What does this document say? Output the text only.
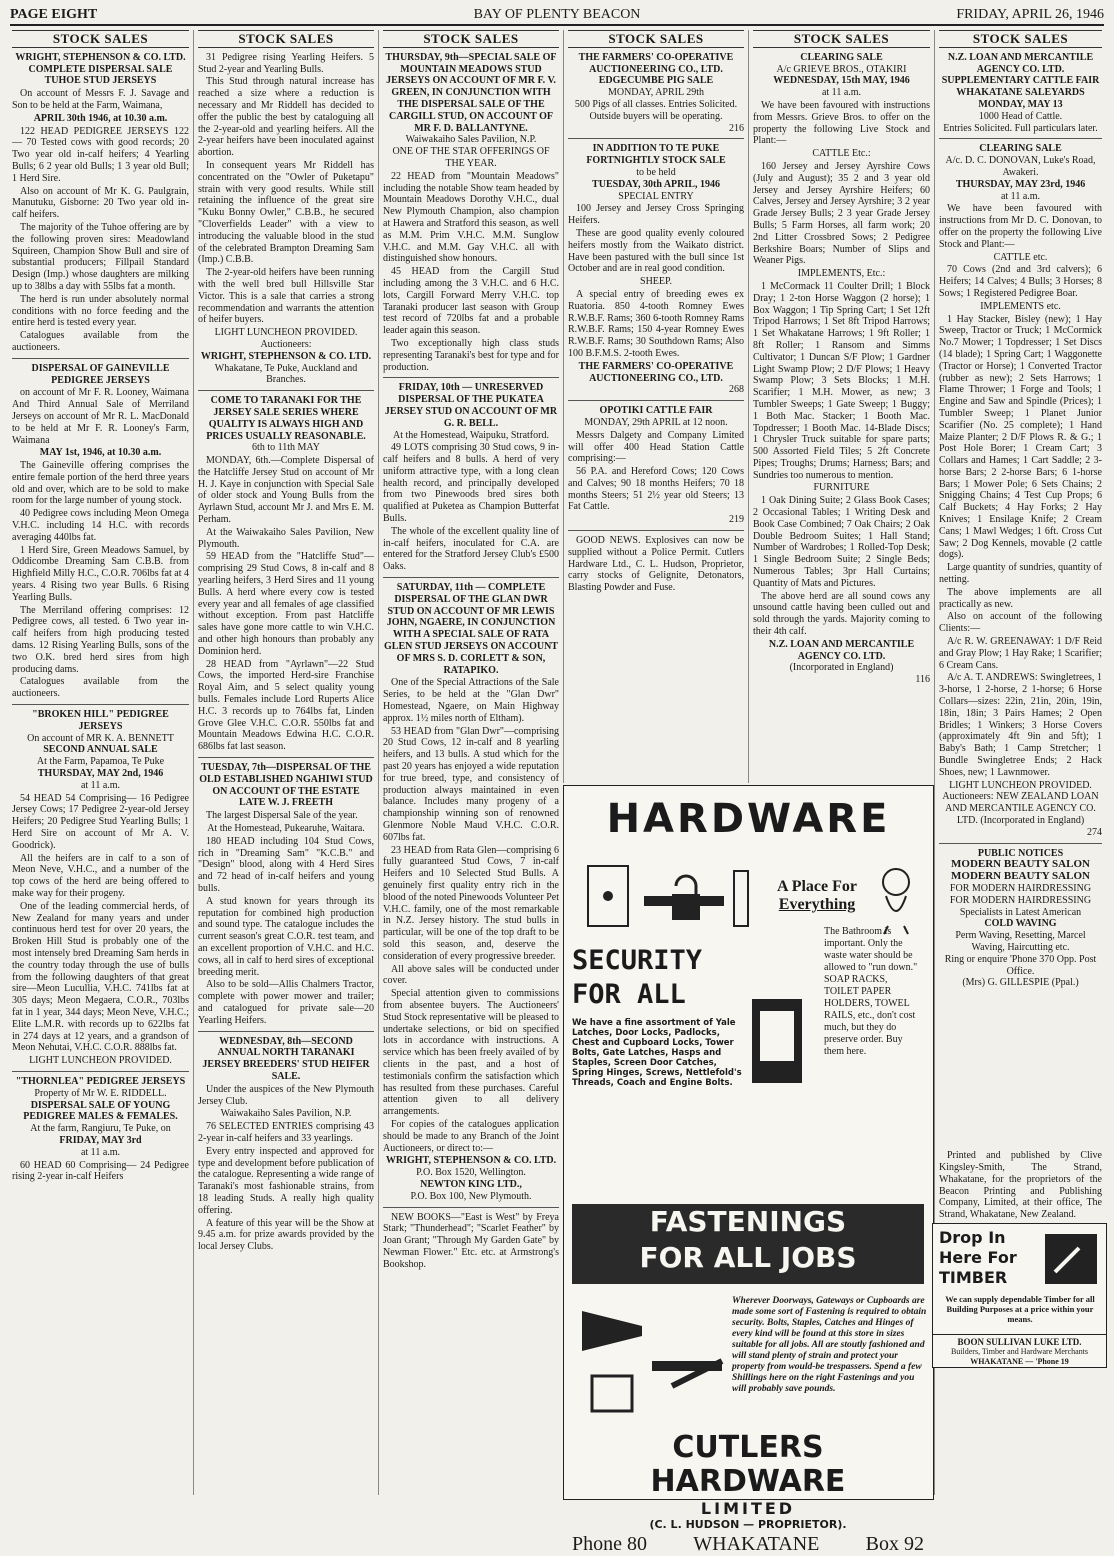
PAGE EIGHT	BAY OF PLENTY BEACON	FRIDAY, APRIL 26, 1946
STOCK SALES
WRIGHT, STEPHENSON & CO. LTD.
COMPLETE DISPERSAL SALE
TUHOE STUD JERSEYS

On account of Messrs F. J. Savage and Son to be held at the Farm, Waimana,

APRIL 30th 1946, at 10.30 a.m.

122 HEAD PEDIGREE JERSEYS 122 — 70 Tested cows with good records; 20 Two year old in-calf heifers; 4 Yearling Bulls; 6 2 year old Bulls; 1 3 year old Bull; 1 Herd Sire.

Also on account of Mr K. G. Paulgrain, Manutuku, Gisborne: 20 Two year old in-calf heifers.

The majority of the Tuhoe offering are by the following proven sires: Meadowland Squireen, Champion Show Bull and sire of substantial producers; Fillpail Standard Design (Imp.) whose daughters are milking up to 38lbs a day with 55lbs fat a month.

The herd is run under absolutely normal conditions with no force feeding and the entire herd is tested every year.

Catalogues available from the auctioneers.

DISPERSAL OF GAINEVILLE PEDIGREE JERSEYS

on account of Mr F. R. Looney, Waimana And Third Annual Sale of Merriland Jerseys on account of Mr R. L. MacDonald to be held at Mr F. R. Looney's Farm, Waimana

MAY 1st, 1946, at 10.30 a.m.

The Gaineville offering comprises the entire female portion of the herd three years old and over, which are to be sold to make room for the large number of young stock.

40 Pedigree cows including Meon Omega V.H.C. including 14 H.C. with records averaging 440lbs fat.

1 Herd Sire, Green Meadows Samuel, by Oddicombe Dreaming Sam C.B.B. from Highfield Milly H.C., C.O.R. 706lbs fat at 4 years. 4 Rising two year Bulls. 6 Rising Yearling Bulls.

The Merriland offering comprises: 12 Pedigree cows, all tested. 6 Two year in-calf heifers from high producing tested dams. 12 Rising Yearling Bulls, sons of the two O.K. bred herd sires from high producing dams.

Catalogues available from the auctioneers.

"BROKEN HILL" PEDIGREE JERSEYS
On account of MR K. A. BENNETT
SECOND ANNUAL SALE
At the Farm, Papamoa, Te Puke
THURSDAY, MAY 2nd, 1946
at 11 a.m.

54 HEAD 54 Comprising— 16 Pedigree Jersey Cows; 17 Pedigree 2-year-old Jersey Heifers; 20 Pedigree Stud Yearling Bulls; 1 Herd Sire on account of Mr A. V. Goodrick).

All the heifers are in calf to a son of Meon Neve, V.H.C., and a number of the top cows of the herd are being offered to make way for their progeny.

One of the leading commercial herds, of New Zealand for many years and under continuous herd test for over 20 years, the Broken Hill Stud is probably one of the most intensely bred Dreaming Sam herds in the country today through the use of bulls from the following daughters of that great sire—Meon Lucullia, V.H.C. 741lbs fat at 305 days; Meon Megaera, C.O.R., 703lbs fat in 1 year, 344 days; Meon Neve, V.H.C.; Elite L.M.R. with records up to 622lbs fat in 274 days at 12 years, and a grandson of Meon Nehutai, V.H.C. C.O.R. 888lbs fat.

LIGHT LUNCHEON PROVIDED.
"THORNLEA" PEDIGREE JERSEYS
Property of Mr W. E. RIDDELL.
DISPERSAL SALE OF YOUNG PEDIGREE MALES & FEMALES.
At the farm, Rangiuru, Te Puke, on
FRIDAY, MAY 3rd
at 11 a.m.

60 HEAD 60 Comprising— 24 Pedigree rising 2-year in-calf Heifers

STOCK SALES

31 Pedigree rising Yearling Heifers. 5 Stud 2-year and Yearling Bulls.

This Stud through natural increase has reached a size where a reduction is necessary and Mr Riddell has decided to offer the public the best by cataloguing all the 2-year-old and yearling heifers. All the 2-year heifers have been inoculated against abortion.

In consequent years Mr Riddell has concentrated on the "Owler of Puketapu" strain with very good results. While still retaining the influence of the great sire "Kuku Bonny Owler," C.B.B., he secured "Cloverfields Leader" with a view to introducing the valuable blood in the stud of the celebrated Brampton Dreaming Sam (Imp.) C.B.B.

The 2-year-old heifers have been running with the well bred bull Hillsville Star Victor. This is a sale that carries a strong recommendation and warrants the attention of heifer buyers.

LIGHT LUNCHEON PROVIDED.
Auctioneers:
WRIGHT, STEPHENSON & CO. LTD.
Whakatane, Te Puke, Auckland and Branches.
COME TO TARANAKI FOR THE JERSEY SALE SERIES WHERE QUALITY IS ALWAYS HIGH AND PRICES USUALLY REASONABLE.
6th to 11th MAY

MONDAY, 6th.—Complete Dispersal of the Hatcliffe Jersey Stud on account of Mr H. J. Kaye in conjunction with Special Sale of older stock and Young Bulls from the Ayrlawn Stud, account Mr J. and Mrs E. M. Perham.

At the Waiwakaiho Sales Pavilion, New Plymouth.

59 HEAD from the "Hatcliffe Stud"—comprising 29 Stud Cows, 8 in-calf and 8 yearling heifers, 3 Herd Sires and 11 young Bulls. A herd where every cow is tested every year and all females of age classified without exception. From past Hatcliffe sales have gone more cattle to win V.H.C. and other high honours than probably any Dominion herd.

28 HEAD from "Ayrlawn"—22 Stud Cows, the imported Herd-sire Franchise Royal Aim, and 5 select quality young bulls. Females include Lord Ruperts Alice H.C. 3 records up to 764lbs fat, Linden Grove Glee V.H.C. C.O.R. 550lbs fat and Mountain Meadows Edwina H.C. C.O.R. 686lbs fat last season.

TUESDAY, 7th—DISPERSAL OF THE OLD ESTABLISHED NGAHIWI STUD ON ACCOUNT OF THE ESTATE LATE W. J. FREETH

The largest Dispersal Sale of the year.

At the Homestead, Pukearuhe, Waitara.

180 HEAD including 104 Stud Cows, rich in "Dreaming Sam" "K.C.B." and "Design" blood, along with 4 Herd Sires and 72 head of in-calf heifers and young bulls.

A stud known for years through its reputation for combined high production and sound type. The catalogue includes the current season's great C.O.R. test team, and an excellent proportion of V.H.C. and H.C. cows, all in calf to herd sires of exceptional breeding merit.

Also to be sold—Allis Chalmers Tractor, complete with power mower and trailer; and catalogued for private sale—20 Yearling Heifers.

WEDNESDAY, 8th—SECOND ANNUAL NORTH TARANAKI JERSEY BREEDERS' STUD HEIFER SALE.

Under the auspices of the New Plymouth Jersey Club.

Waiwakaiho Sales Pavilion, N.P.

76 SELECTED ENTRIES comprising 43 2-year in-calf heifers and 33 yearlings.

Every entry inspected and approved for type and development before publication of the catalogue. Representing a wide range of Taranaki's most fashionable strains, from 18 leading Studs. A really high quality offering.

A feature of this year will be the Show at 9.45 a.m. for prize awards provided by the local Jersey Clubs.

STOCK SALES
THURSDAY, 9th—SPECIAL SALE OF MOUNTAIN MEADOWS STUD JERSEYS ON ACCOUNT OF MR F. V. GREEN, IN CONJUNCTION WITH THE DISPERSAL SALE OF THE CARGILL STUD, ON ACCOUNT OF MR F. D. BALLANTYNE.
Waiwakaiho Sales Pavilion, N.P.
ONE OF THE STAR OFFERINGS OF THE YEAR.

22 HEAD from "Mountain Meadows" including the notable Show team headed by Mountain Meadows Dorothy V.H.C., dual New Plymouth Champion, also champion at Hawera and Stratford this season, as well as M.M. Prim V.H.C. M.M. Sunglow V.H.C. and M.M. Gay V.H.C. all with distinguished show honours.

45 HEAD from the Cargill Stud including among the 3 V.H.C. and 6 H.C. lots, Cargill Forward Merry V.H.C. top Taranaki producer last season with Group test record of 720lbs fat and a probable leader again this season.

Two exceptionally high class studs representing Taranaki's best for type and for production.

FRIDAY, 10th — UNRESERVED DISPERSAL OF THE PUKATEA JERSEY STUD ON ACCOUNT OF MR G. R. BELL.
At the Homestead, Waipuku, Stratford.

49 LOTS comprising 30 Stud cows, 9 in-calf heifers and 8 bulls. A herd of very uniform attractive type, with a long clean health record, and principally developed from two Pinewoods bred sires both qualified at Puketea as Champion Butterfat Bulls.

The whole of the excellent quality line of in-calf heifers, inoculated for C.A. are entered for the Stratford Jersey Club's £500 Oaks.

SATURDAY, 11th — COMPLETE DISPERSAL OF THE GLAN DWR STUD ON ACCOUNT OF MR LEWIS JOHN, NGAERE, IN CONJUNCTION WITH A SPECIAL SALE OF RATA GLEN STUD JERSEYS ON ACCOUNT OF MRS S. D. CORLETT & SON, RATAPIKO.

One of the Special Attractions of the Sale Series, to be held at the "Glan Dwr" Homestead, Ngaere, on Main Highway approx. 1½ miles north of Eltham).

53 HEAD from "Glan Dwr"—comprising 20 Stud Cows, 12 in-calf and 8 yearling heifers, and 13 bulls. A stud which for the past 20 years has enjoyed a wide reputation for true breed, type, and consistency of production always maintained in even balance. Includes many progeny of a championship winning son of renowned Glenmore Noble Maud V.H.C. C.O.R. 607lbs fat.

23 HEAD from Rata Glen—comprising 6 fully guaranteed Stud Cows, 7 in-calf Heifers and 10 Selected Stud Bulls. A genuinely first quality entry rich in the blood of the noted Pinewoods Volunteer Pet V.H.C. family, one of the most remarkable in N.Z. Jersey history. The stud bulls in particular, will be one of the top draft to be sold this season, and, deserve the consideration of every progressive breeder.

All above sales will be conducted under cover.

Special attention given to commissions from absentee buyers. The Auctioneers' Stud Stock representative will be pleased to undertake selections, or bid on specified lots in accordance with instructions. A service which has been freely availed of by clients in the past, and a host of testimonials confirm the satisfaction which has resulted from these purchases. Careful attention given to all delivery arrangements.

For copies of the catalogues application should be made to any Branch of the Joint Auctioneers, or direct to:—

WRIGHT, STEPHENSON & CO. LTD.
P.O. Box 1520, Wellington.
NEWTON KING LTD.,
P.O. Box 100, New Plymouth.

NEW BOOKS—"East is West" by Freya Stark; "Thunderhead"; "Scarlet Feather" by Joan Grant; "Through My Garden Gate" by Newman Flower." Etc. etc. at Armstrong's Bookshop.

STOCK SALES
THE FARMERS' CO-OPERATIVE AUCTIONEERING CO., LTD.
EDGECUMBE PIG SALE
MONDAY, APRIL 29th
500 Pigs of all classes. Entries Solicited. Outside buyers will be operating.
216
IN ADDITION TO TE PUKE FORTNIGHTLY STOCK SALE
to be held
TUESDAY, 30th APRIL, 1946
SPECIAL ENTRY

100 Jersey and Jersey Cross Springing Heifers.

These are good quality evenly coloured heifers mostly from the Waikato district. Have been pastured with the bull since 1st October and are in real good condition.

SHEEP.

A special entry of breeding ewes ex Ruatoria. 850 4-tooth Romney Ewes R.W.B.F. Rams; 360 6-tooth Romney Rams R.W.B.F. Rams; 150 4-year Romney Ewes R.W.B.F. Rams; 30 Southdown Rams; Also 100 B.F.M.S. 2-tooth Ewes.

THE FARMERS' CO-OPERATIVE AUCTIONEERING CO., LTD.
268
OPOTIKI CATTLE FAIR
MONDAY, 29th APRIL at 12 noon.

Messrs Dalgety and Company Limited will offer 400 Head Station Cattle comprising:—

56 P.A. and Hereford Cows; 120 Cows and Calves; 90 18 months Heifers; 70 18 months Steers; 51 2½ year old Steers; 13 Fat Cattle.

219

GOOD NEWS. Explosives can now be supplied without a Police Permit. Cutlers Hardware Ltd., C. L. Hudson, Proprietor, carry stocks of Gelignite, Detonators, Blasting Powder and Fuse.

STOCK SALES
CLEARING SALE
A/c GRIEVE BROS., OTAKIRI
WEDNESDAY, 15th MAY, 1946
at 11 a.m.

We have been favoured with instructions from Messrs. Grieve Bros. to offer on the property the following Live Stock and Plant:—

CATTLE Etc.:

160 Jersey and Jersey Ayrshire Cows (July and August); 35 2 and 3 year old Jersey and Jersey Ayrshire Heifers; 60 Calves, Jersey and Jersey Ayrshire; 3 2 year Grade Jersey Bulls; 2 3 year Grade Jersey Bulls; 5 Farm Horses, all farm work; 20 2nd Litter Crossbred Sows; 2 Pedigree Berkshire Boars; Number of Slips and Weaner Pigs.

IMPLEMENTS, Etc.:

1 McCormack 11 Coulter Drill; 1 Block Dray; 1 2-ton Horse Waggon (2 horse); 1 Box Waggon; 1 Tip Spring Cart; 1 Set 12ft Tripod Harrows; 1 Set 8ft Tripod Harrows; 1 Set Whakatane Harrows; 1 9ft Roller; 1 8ft Roller; 1 Ransom and Simms Cultivator; 1 Duncan S/F Plow; 1 Gardner Light Swamp Plow; 2 D/F Plows; 1 Heavy Swamp Plow; 3 Sets Blocks; 1 M.H. Scarifier; 1 M.H. Mower, as new; 3 Tumbler Sweeps; 1 Gate Sweep; 1 Buggy; 1 Both Mac. Stacker; 1 Booth Mac. Topdresser; 1 Booth Mac. 14-Blade Discs; 1 Chrysler Truck suitable for spare parts; 500 Assorted Field Tiles; 5 2ft Concrete Pipes; Troughs; Drums; Harness; Bars; and Sundries too numerous to mention.

FURNITURE

1 Oak Dining Suite; 2 Glass Book Cases; 2 Occasional Tables; 1 Writing Desk and Book Case Combined; 7 Oak Chairs; 2 Oak Double Bedroom Suites; 1 Hall Stand; Number of Wardrobes; 1 Rolled-Top Desk; 1 Single Bedroom Suite; 2 Single Beds; Numerous Tables; 3pr Hall Curtains; Quantity of Mats and Pictures.

The above herd are all sound cows any unsound cattle having been culled out and sold through the yards. Majority coming to their 4th calf.

N.Z. LOAN AND MERCANTILE AGENCY CO. LTD.
(Incorporated in England)
116
STOCK SALES
N.Z. LOAN AND MERCANTILE AGENCY CO. LTD.
SUPPLEMENTARY CATTLE FAIR WHAKATANE SALEYARDS
MONDAY, MAY 13
1000 Head of Cattle.
Entries Solicited. Full particulars later.
CLEARING SALE
A/c. D. C. DONOVAN, Luke's Road, Awakeri.
THURSDAY, MAY 23rd, 1946
at 11 a.m.

We have been favoured with instructions from Mr D. C. Donovan, to offer on the property the following Live Stock and Plant:—

CATTLE etc.

70 Cows (2nd and 3rd calvers); 6 Heifers; 14 Calves; 4 Bulls; 3 Horses; 8 Sows; 1 Registered Pedigree Boar.

IMPLEMENTS etc.

1 Hay Stacker, Bisley (new); 1 Hay Sweep, Tractor or Truck; 1 McCormick No.7 Mower; 1 Topdresser; 1 Set Discs (14 blade); 1 Spring Cart; 1 Waggonette (Tractor or Horse); 1 Converted Tractor (rubber as new); 2 Sets Harrows; 1 Flame Thrower; 1 Forge and Tools; 1 Engine and Saw and Spindle (Prices); 1 Tumbler Sweep; 1 Planet Junior Scarifier (No. 25 complete); 1 Hand Maize Planter; 2 D/F Plows R. & G.; 1 Post Hole Borer; 1 Cream Cart; 3 Collars and Hames; 1 Cart Saddle; 2 3-horse Bars; 2 2-horse Bars; 6 1-horse Bars; 1 Mower Pole; 6 Sets Chains; 2 Snigging Chains; 4 Test Cup Props; 6 Calf Buckets; 4 Hay Forks; 2 Hay Knives; 1 Ensilage Knife; 2 Cream Cans; 1 Mawl Wedges; 1 6ft. Cross Cut Saw; 2 Dog Kennels, movable (2 cattle dogs).

Large quantity of sundries, quantity of netting.

The above implements are all practically as new.

Also on account of the following Clients:—

A/c R. W. GREENAWAY: 1 D/F Reid and Gray Plow; 1 Hay Rake; 1 Scarifier; 6 Cream Cans.

A/c A. T. ANDREWS: Swingletrees, 1 3-horse, 1 2-horse, 2 1-horse; 6 Horse Collars—sizes: 22in, 21in, 20in, 19in, 18in, 18in; 3 Pairs Hames; 2 Open Bridles; 1 Winkers; 3 Horse Covers (approximately 4ft 9in and 5ft); 1 Baby's Bath; 1 Camp Stretcher; 1 Bundle Swingletree Ends; 2 Hack Shoes, new; 1 Lawnmower.

LIGHT LUNCHEON PROVIDED.
Auctioneers: NEW ZEALAND LOAN AND MERCANTILE AGENCY CO. LTD. (Incorporated in England)
274
PUBLIC NOTICES
MODERN BEAUTY SALON
MODERN BEAUTY SALON
FOR MODERN HAIRDRESSING
FOR MODERN HAIRDRESSING
Specialists in Latest American
COLD WAVING
Perm Waving, Resetting, Marcel Waving, Haircutting etc.
Ring or enquire 'Phone 370 Opp. Post Office.
(Mrs) G. GILLESPIE (Ppal.)

Printed and published by Clive Kingsley-Smith, The Strand, Whakatane, for the proprietors of the Beacon Printing and Publishing Company, Limited, at their office, The Strand, Whakatane, New Zealand.

HARDWARE
SECURITY
FOR ALL
We have a fine assortment of Yale Latches, Door Locks, Padlocks, Chest and Cupboard Locks, Tower Bolts, Gate Latches, Hasps and Staples, Screen Door Catches, Spring Hinges, Screws, Nettlefold's Threads, Coach and Engine Bolts.
A Place For
Everything
The Bathroom is important. Only the waste water should be allowed to "run down." SOAP RACKS, TOILET PAPER HOLDERS, TOWEL RAILS, etc., don't cost much, but they do preserve order. Buy them here.
FASTENINGS
FOR ALL JOBS
Wherever Doorways, Gateways or Cupboards are made some sort of Fastening is required to obtain security. Bolts, Staples, Catches and Hinges of every kind will be found at this store in sizes suitable for all jobs. All are stoutly fashioned and will stand plenty of strain and protect your property from would-be trespassers. Spend a few Shillings here on the right Fastenings and you will probably save pounds.
CUTLERS HARDWARE
LIMITED
(C. L. HUDSON — PROPRIETOR).
Phone 80 WHAKATANE Box 92
Drop In
Here For
TIMBER
We can supply dependable Timber for all Building Purposes at a price within your means.
BOON SULLIVAN LUKE LTD.
Builders, Timber and Hardware Merchants
WHAKATANE — 'Phone 19
